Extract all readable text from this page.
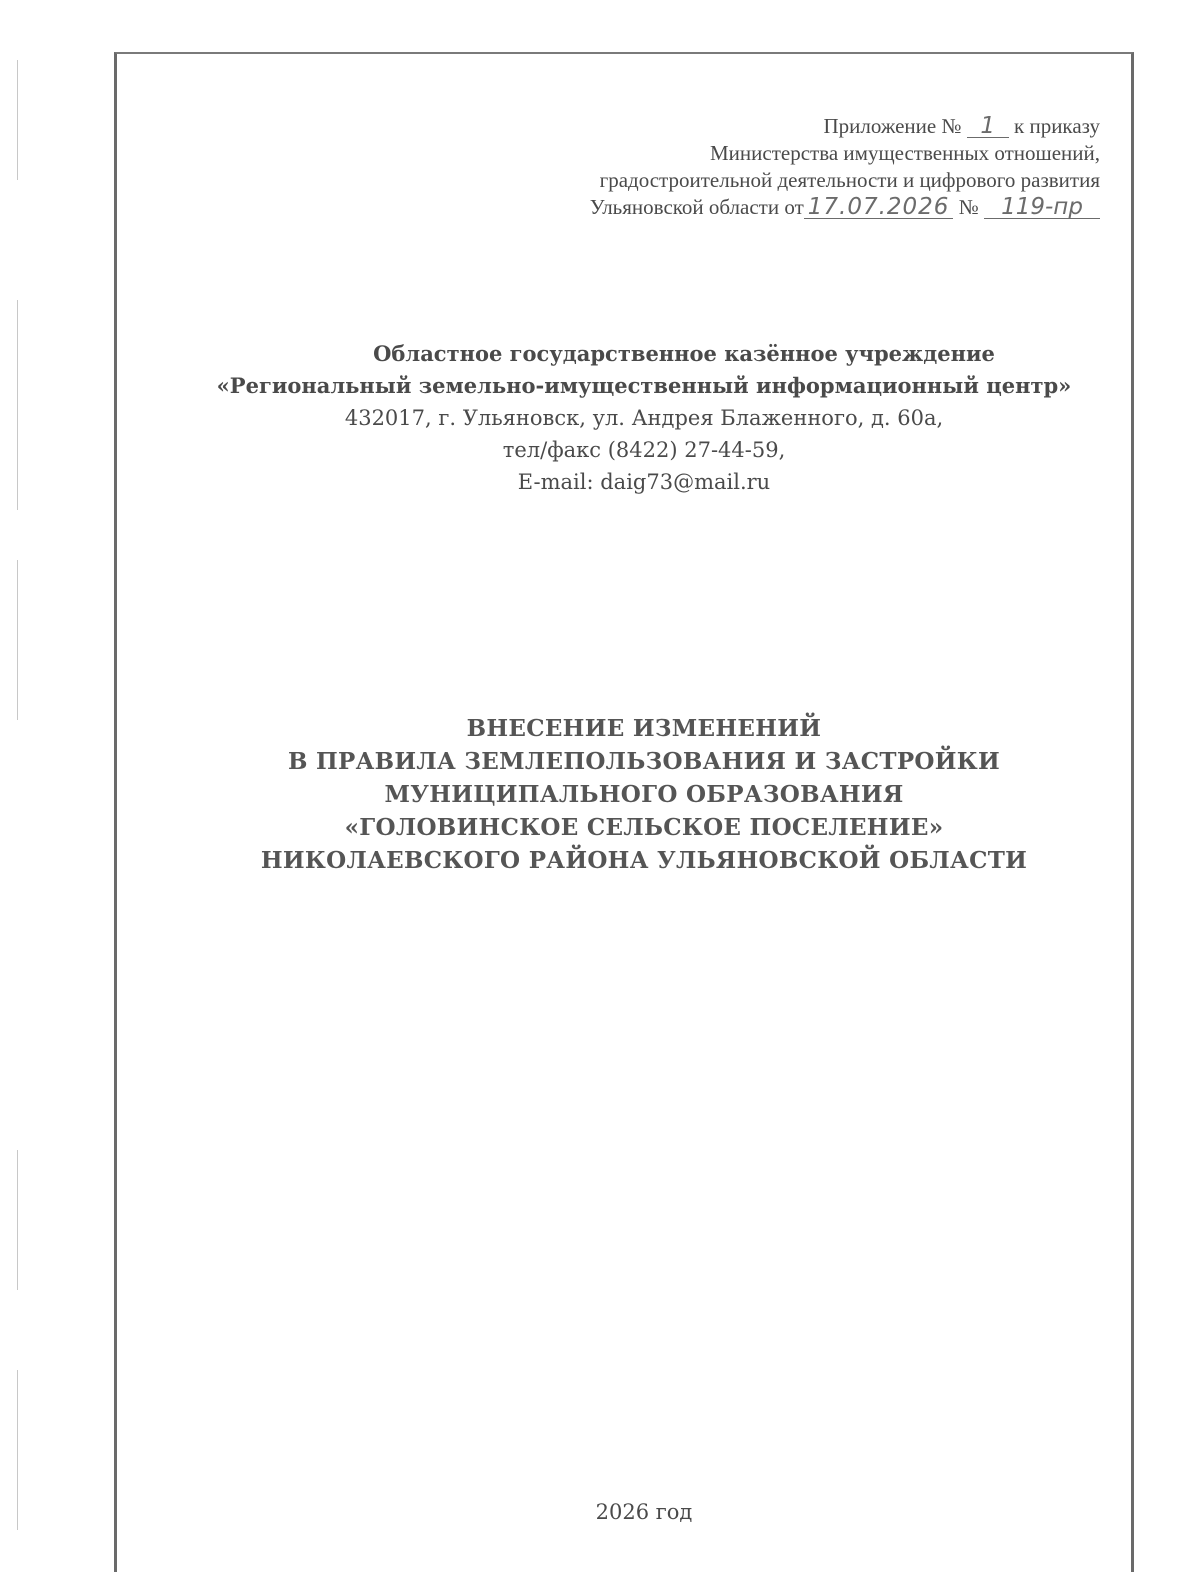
Приложение № 1 к приказу
Министерства имущественных отношений,
градостроительной деятельности и цифрового развития
Ульяновской области от 17.07.2026 № 119-пр
Областное государственное казённое учреждение
«Региональный земельно-имущественный информационный центр»
432017, г. Ульяновск, ул. Андрея Блаженного, д. 60а,
тел/факс (8422) 27-44-59,
E-mail: daig73@mail.ru
ВНЕСЕНИЕ ИЗМЕНЕНИЙ
В ПРАВИЛА ЗЕМЛЕПОЛЬЗОВАНИЯ И ЗАСТРОЙКИ
МУНИЦИПАЛЬНОГО ОБРАЗОВАНИЯ
«ГОЛОВИНСКОЕ СЕЛЬСКОЕ ПОСЕЛЕНИЕ»
НИКОЛАЕВСКОГО РАЙОНА УЛЬЯНОВСКОЙ ОБЛАСТИ
2026 год
